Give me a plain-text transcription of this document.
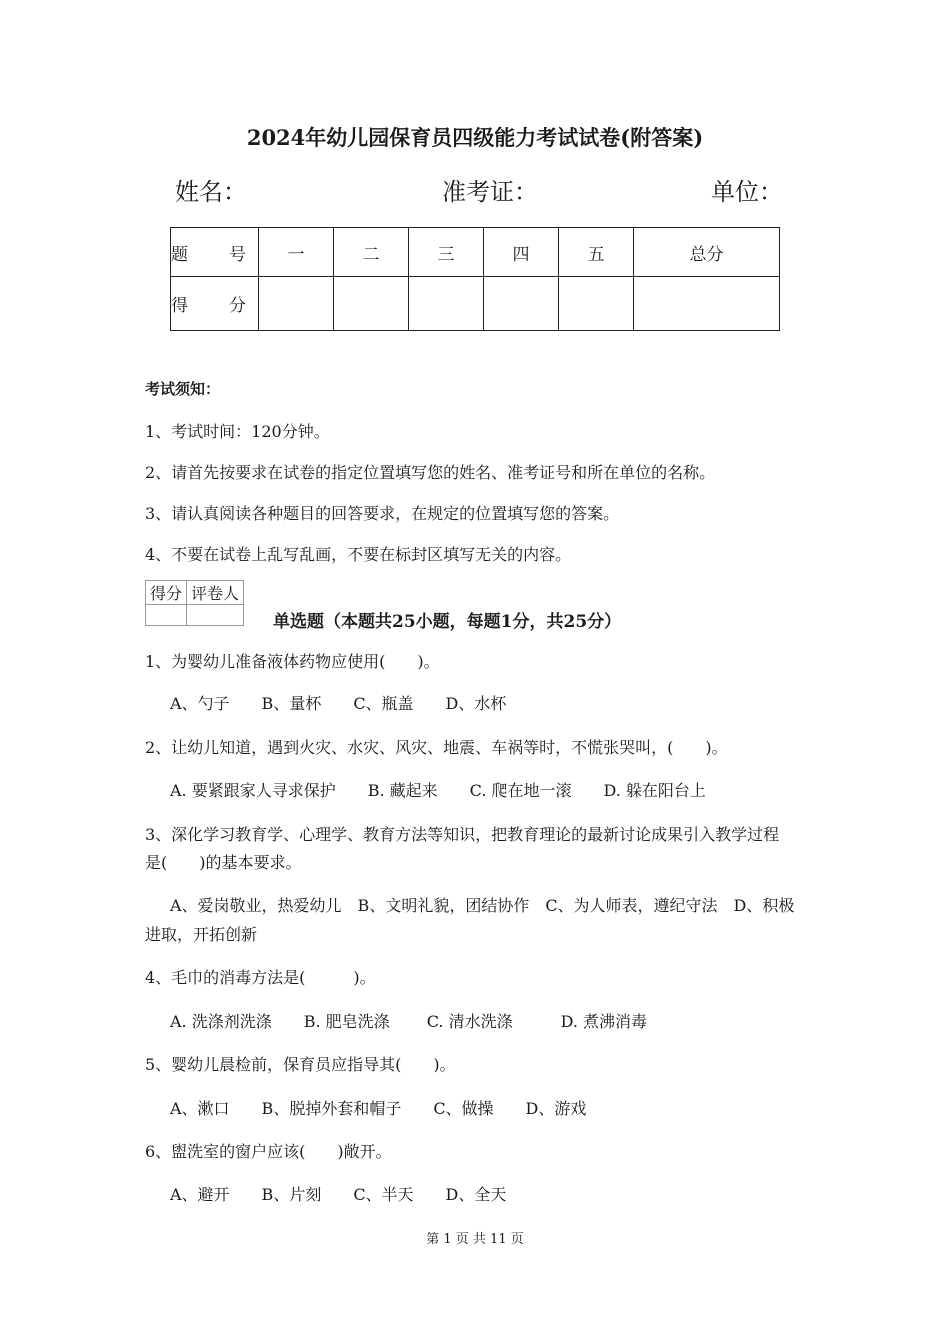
2024年幼儿园保育员四级能力考试试卷(附答案)
姓名：	准考证：	单位：
题　号	一	二	三	四	五	总分
得　分						
考试须知：
1、考试时间：120分钟。
2、请首先按要求在试卷的指定位置填写您的姓名、准考证号和所在单位的名称。
3、请认真阅读各种题目的回答要求，在规定的位置填写您的答案。
4、不要在试卷上乱写乱画，不要在标封区填写无关的内容。
得分	评卷人

单选题（本题共25小题，每题1分，共25分）
1、为婴幼儿准备液体药物应使用(　　)。
A、勺子　　B、量杯　　C、瓶盖　　D、水杯
2、让幼儿知道，遇到火灾、水灾、风灾、地震、车祸等时，不慌张哭叫，(　　)。
A. 要紧跟家人寻求保护　　B. 藏起来　　C. 爬在地一滚　　D. 躲在阳台上
3、深化学习教育学、心理学、教育方法等知识，把教育理论的最新讨论成果引入教学过程
是(　　)的基本要求。
A、爱岗敬业，热爱幼儿　B、文明礼貌，团结协作　C、为人师表，遵纪守法　D、积极
进取，开拓创新
4、毛巾的消毒方法是(　　　)。
A. 洗涤剂洗涤　　B. 肥皂洗涤　　 C. 清水洗涤　　　D. 煮沸消毒
5、婴幼儿晨检前，保育员应指导其(　　)。
A、漱口　　B、脱掉外套和帽子　　C、做操　　D、游戏
6、盥洗室的窗户应该(　　)敞开。
A、避开　　B、片刻　　C、半天　　D、全天
第 1 页 共 11 页
